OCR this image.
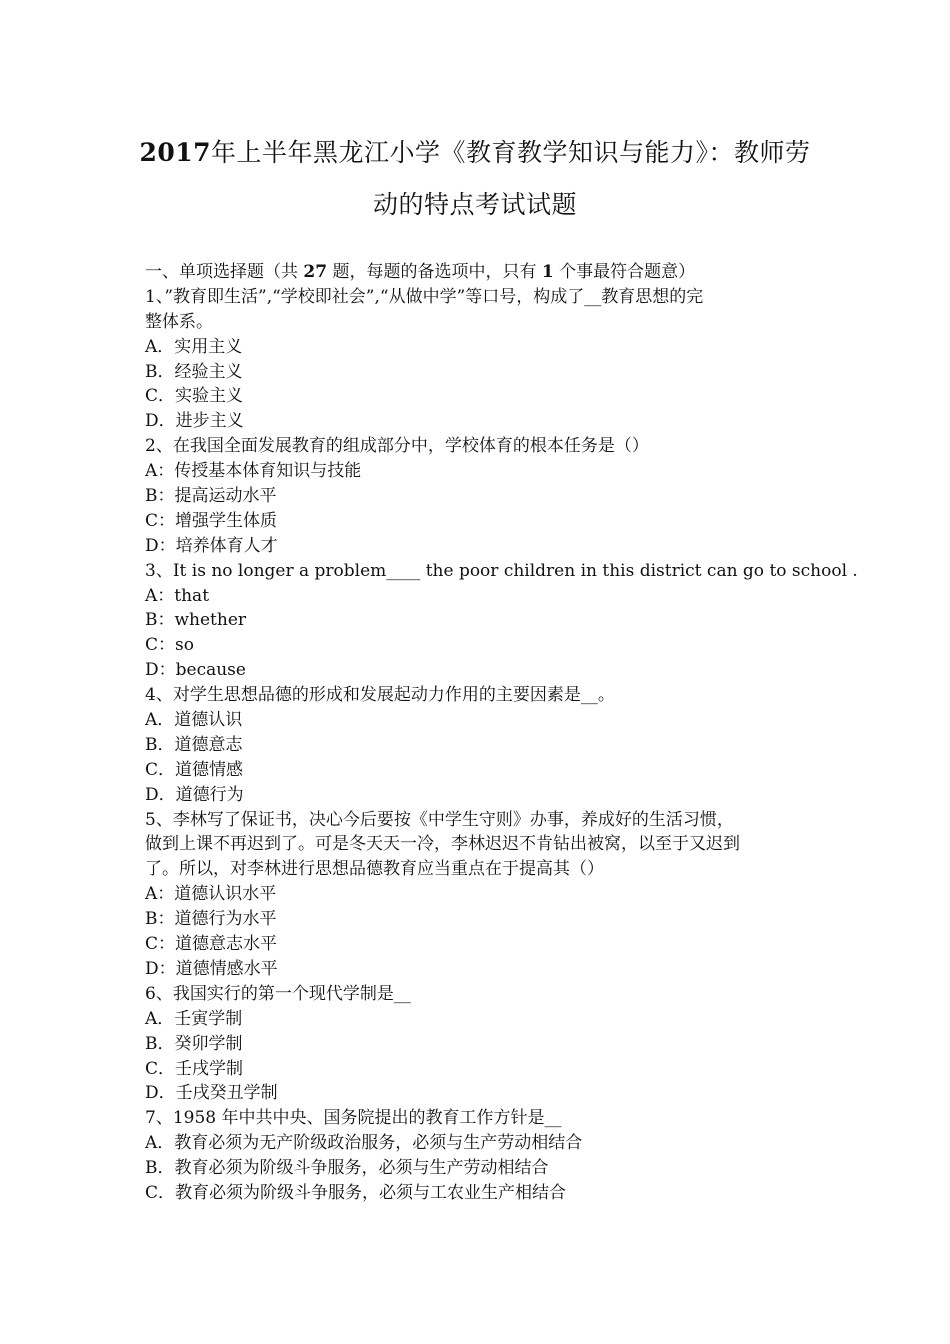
2017年上半年黑龙江小学《教育教学知识与能力》：教师劳
动的特点考试试题
一、单项选择题（共 27 题，每题的备选项中，只有 1 个事最符合题意）
1、”教育即生活”,“学校即社会”,“从做中学”等口号，构成了__教育思想的完
整体系。
A．实用主义
B．经验主义
C．实验主义
D．进步主义
2、在我国全面发展教育的组成部分中，学校体育的根本任务是（）
A：传授基本体育知识与技能
B：提高运动水平
C：增强学生体质
D：培养体育人才
3、It is no longer a problem____ the poor children in this district can go to school .
A：that
B：whether
C：so
D：because
4、对学生思想品德的形成和发展起动力作用的主要因素是__。
A．道德认识
B．道德意志
C．道德情感
D．道德行为
5、李林写了保证书，决心今后要按《中学生守则》办事，养成好的生活习惯，
做到上课不再迟到了。可是冬天天一冷，李林迟迟不肯钻出被窝，以至于又迟到
了。所以，对李林进行思想品德教育应当重点在于提高其（）
A：道德认识水平
B：道德行为水平
C：道德意志水平
D：道德情感水平
6、我国实行的第一个现代学制是__
A．壬寅学制
B．癸卯学制
C．壬戌学制
D．壬戌癸丑学制
7、1958 年中共中央、国务院提出的教育工作方针是__
A．教育必须为无产阶级政治服务，必须与生产劳动相结合
B．教育必须为阶级斗争服务，必须与生产劳动相结合
C．教育必须为阶级斗争服务，必须与工农业生产相结合
